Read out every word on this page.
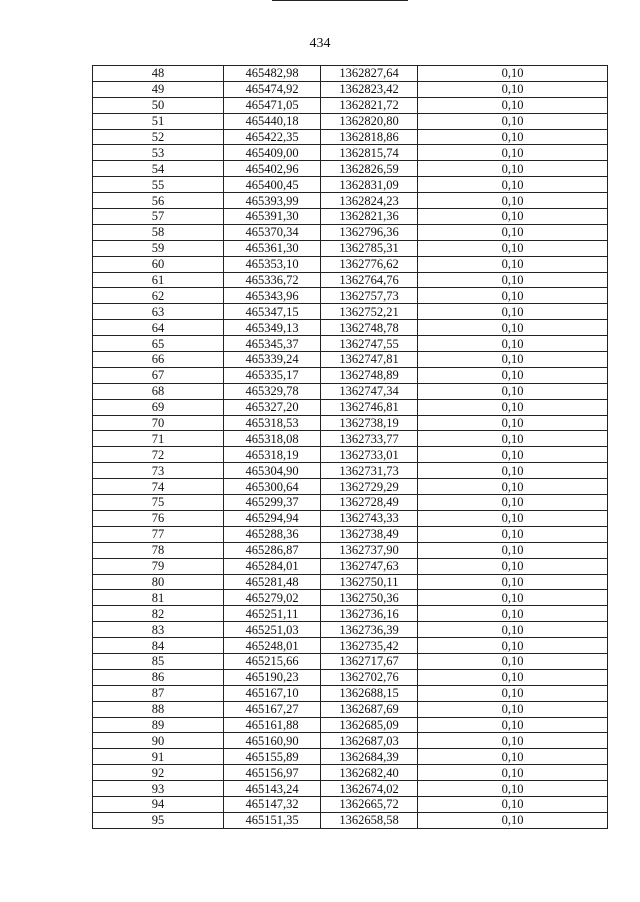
434
48	465482,98	1362827,64	0,10
49	465474,92	1362823,42	0,10
50	465471,05	1362821,72	0,10
51	465440,18	1362820,80	0,10
52	465422,35	1362818,86	0,10
53	465409,00	1362815,74	0,10
54	465402,96	1362826,59	0,10
55	465400,45	1362831,09	0,10
56	465393,99	1362824,23	0,10
57	465391,30	1362821,36	0,10
58	465370,34	1362796,36	0,10
59	465361,30	1362785,31	0,10
60	465353,10	1362776,62	0,10
61	465336,72	1362764,76	0,10
62	465343,96	1362757,73	0,10
63	465347,15	1362752,21	0,10
64	465349,13	1362748,78	0,10
65	465345,37	1362747,55	0,10
66	465339,24	1362747,81	0,10
67	465335,17	1362748,89	0,10
68	465329,78	1362747,34	0,10
69	465327,20	1362746,81	0,10
70	465318,53	1362738,19	0,10
71	465318,08	1362733,77	0,10
72	465318,19	1362733,01	0,10
73	465304,90	1362731,73	0,10
74	465300,64	1362729,29	0,10
75	465299,37	1362728,49	0,10
76	465294,94	1362743,33	0,10
77	465288,36	1362738,49	0,10
78	465286,87	1362737,90	0,10
79	465284,01	1362747,63	0,10
80	465281,48	1362750,11	0,10
81	465279,02	1362750,36	0,10
82	465251,11	1362736,16	0,10
83	465251,03	1362736,39	0,10
84	465248,01	1362735,42	0,10
85	465215,66	1362717,67	0,10
86	465190,23	1362702,76	0,10
87	465167,10	1362688,15	0,10
88	465167,27	1362687,69	0,10
89	465161,88	1362685,09	0,10
90	465160,90	1362687,03	0,10
91	465155,89	1362684,39	0,10
92	465156,97	1362682,40	0,10
93	465143,24	1362674,02	0,10
94	465147,32	1362665,72	0,10
95	465151,35	1362658,58	0,10
